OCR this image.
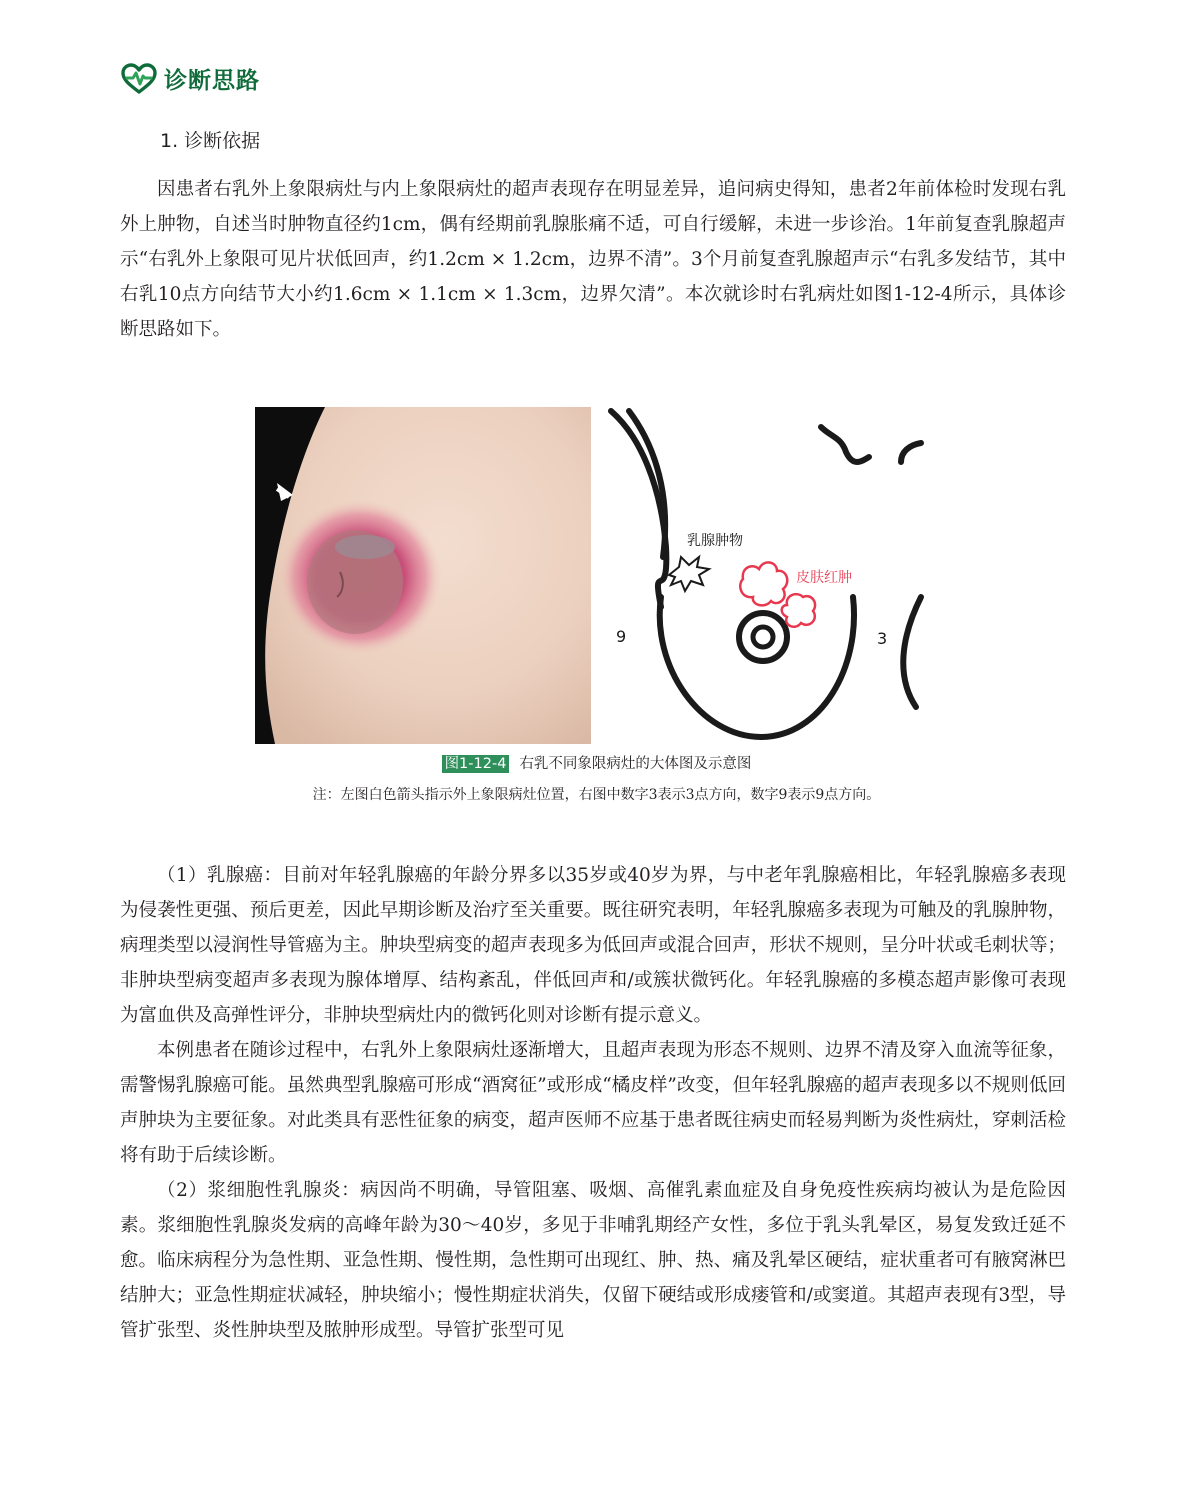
诊断思路
1. 诊断依据

因患者右乳外上象限病灶与内上象限病灶的超声表现存在明显差异，追问病史得知，患者2年前体检时发现右乳外上肿物，自述当时肿物直径约1cm，偶有经期前乳腺胀痛不适，可自行缓解，未进一步诊治。1年前复查乳腺超声示“右乳外上象限可见片状低回声，约1.2cm × 1.2cm，边界不清”。3个月前复查乳腺超声示“右乳多发结节，其中右乳10点方向结节大小约1.6cm × 1.1cm × 1.3cm，边界欠清”。本次就诊时右乳病灶如图1-12-4所示，具体诊断思路如下。

乳腺肿物
皮肤红肿
9	3
图1-12-4 右乳不同象限病灶的大体图及示意图
注：左图白色箭头指示外上象限病灶位置，右图中数字3表示3点方向，数字9表示9点方向。

（1）乳腺癌：目前对年轻乳腺癌的年龄分界多以35岁或40岁为界，与中老年乳腺癌相比，年轻乳腺癌多表现为侵袭性更强、预后更差，因此早期诊断及治疗至关重要。既往研究表明，年轻乳腺癌多表现为可触及的乳腺肿物，病理类型以浸润性导管癌为主。肿块型病变的超声表现多为低回声或混合回声，形状不规则，呈分叶状或毛刺状等；非肿块型病变超声多表现为腺体增厚、结构紊乱，伴低回声和/或簇状微钙化。年轻乳腺癌的多模态超声影像可表现为富血供及高弹性评分，非肿块型病灶内的微钙化则对诊断有提示意义。

本例患者在随诊过程中，右乳外上象限病灶逐渐增大，且超声表现为形态不规则、边界不清及穿入血流等征象，需警惕乳腺癌可能。虽然典型乳腺癌可形成“酒窝征”或形成“橘皮样”改变，但年轻乳腺癌的超声表现多以不规则低回声肿块为主要征象。对此类具有恶性征象的病变，超声医师不应基于患者既往病史而轻易判断为炎性病灶，穿刺活检将有助于后续诊断。

（2）浆细胞性乳腺炎：病因尚不明确，导管阻塞、吸烟、高催乳素血症及自身免疫性疾病均被认为是危险因素。浆细胞性乳腺炎发病的高峰年龄为30～40岁，多见于非哺乳期经产女性，多位于乳头乳晕区，易复发致迁延不愈。临床病程分为急性期、亚急性期、慢性期，急性期可出现红、肿、热、痛及乳晕区硬结，症状重者可有腋窝淋巴结肿大；亚急性期症状减轻，肿块缩小；慢性期症状消失，仅留下硬结或形成瘘管和/或窦道。其超声表现有3型，导管扩张型、炎性肿块型及脓肿形成型。导管扩张型可见
